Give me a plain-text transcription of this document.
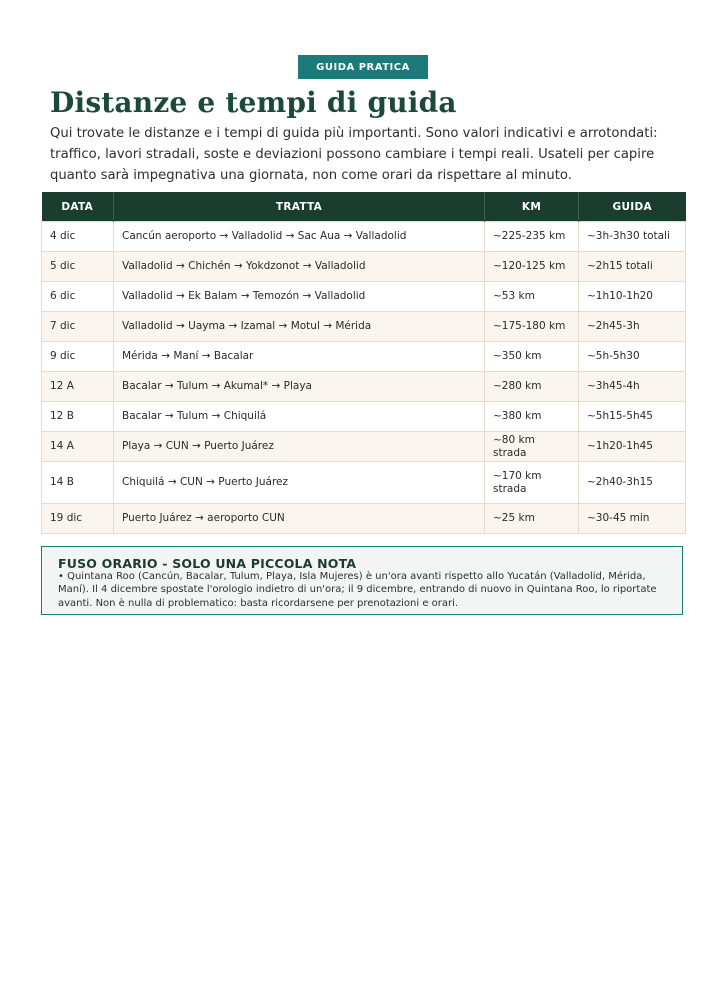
GUIDA PRATICA
Distanze e tempi di guida

Qui trovate le distanze e i tempi di guida più importanti. Sono valori indicativi e arrotondati: traffico, lavori stradali, soste e deviazioni possono cambiare i tempi reali. Usateli per capire quanto sarà impegnativa una giornata, non come orari da rispettare al minuto.

DATA	TRATTA	KM	GUIDA
4 dic	Cancún aeroporto → Valladolid → Sac Aua → Valladolid	~225-235 km	~3h-3h30 totali
5 dic	Valladolid → Chichén → Yokdzonot → Valladolid	~120-125 km	~2h15 totali
6 dic	Valladolid → Ek Balam → Temozón → Valladolid	~53 km	~1h10-1h20
7 dic	Valladolid → Uayma → Izamal → Motul → Mérida	~175-180 km	~2h45-3h
9 dic	Mérida → Maní → Bacalar	~350 km	~5h-5h30
12 A	Bacalar → Tulum → Akumal* → Playa	~280 km	~3h45-4h
12 B	Bacalar → Tulum → Chiquilá	~380 km	~5h15-5h45
14 A	Playa → CUN → Puerto Juárez	~80 km strada	~1h20-1h45
14 B	Chiquilá → CUN → Puerto Juárez	~170 km strada	~2h40-3h15
19 dic	Puerto Juárez → aeroporto CUN	~25 km	~30-45 min

FUSO ORARIO - SOLO UNA PICCOLA NOTA

• Quintana Roo (Cancún, Bacalar, Tulum, Playa, Isla Mujeres) è un'ora avanti rispetto allo Yucatán (Valladolid, Mérida, Maní). Il 4 dicembre spostate l'orologio indietro di un'ora; il 9 dicembre, entrando di nuovo in Quintana Roo, lo riportate avanti. Non è nulla di problematico: basta ricordarsene per prenotazioni e orari.
